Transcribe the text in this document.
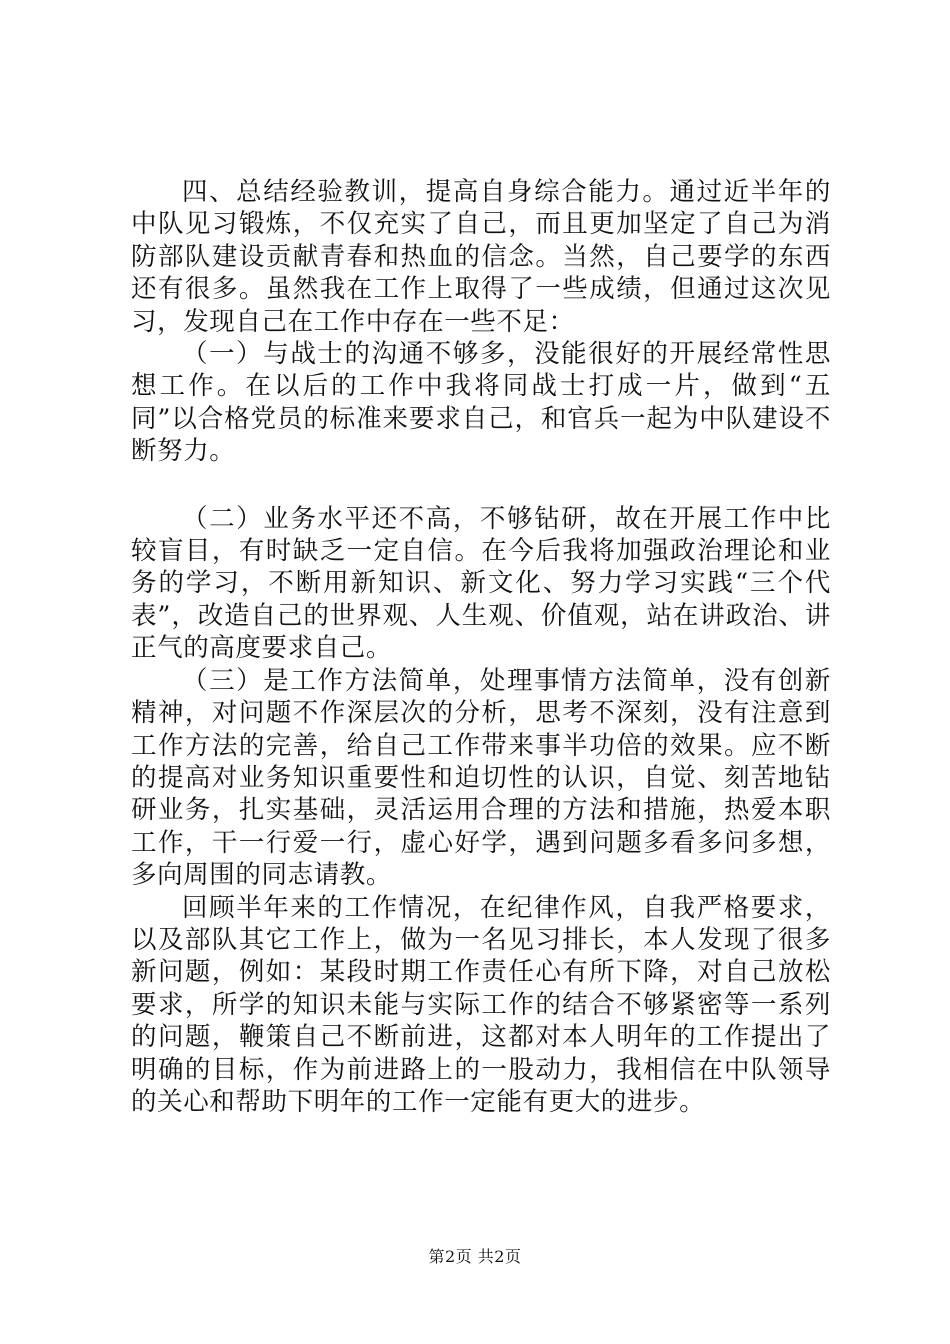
四、总结经验教训，提高自身综合能力。通过近半年的中队见习锻炼，不仅充实了自己，而且更加坚定了自己为消防部队建设贡献青春和热血的信念。当然，自己要学的东西还有很多。虽然我在工作上取得了一些成绩，但通过这次见习，发现自己在工作中存在一些不足：

（一）与战士的沟通不够多，没能很好的开展经常性思想工作。在以后的工作中我将同战士打成一片，做到“五同”以合格党员的标准来要求自己，和官兵一起为中队建设不断努力。

（二）业务水平还不高，不够钻研，故在开展工作中比较盲目，有时缺乏一定自信。在今后我将加强政治理论和业务的学习，不断用新知识、新文化、努力学习实践“三个代表”，改造自己的世界观、人生观、价值观，站在讲政治、讲正气的高度要求自己。

（三）是工作方法简单，处理事情方法简单，没有创新精神，对问题不作深层次的分析，思考不深刻，没有注意到工作方法的完善，给自己工作带来事半功倍的效果。应不断的提高对业务知识重要性和迫切性的认识，自觉、刻苦地钻研业务，扎实基础，灵活运用合理的方法和措施，热爱本职工作，干一行爱一行，虚心好学，遇到问题多看多问多想，多向周围的同志请教。

回顾半年来的工作情况，在纪律作风，自我严格要求，以及部队其它工作上，做为一名见习排长，本人发现了很多新问题，例如：某段时期工作责任心有所下降，对自己放松要求，所学的知识未能与实际工作的结合不够紧密等一系列的问题，鞭策自己不断前进，这都对本人明年的工作提出了明确的目标，作为前进路上的一股动力，我相信在中队领导的关心和帮助下明年的工作一定能有更大的进步。

第2页 共2页
